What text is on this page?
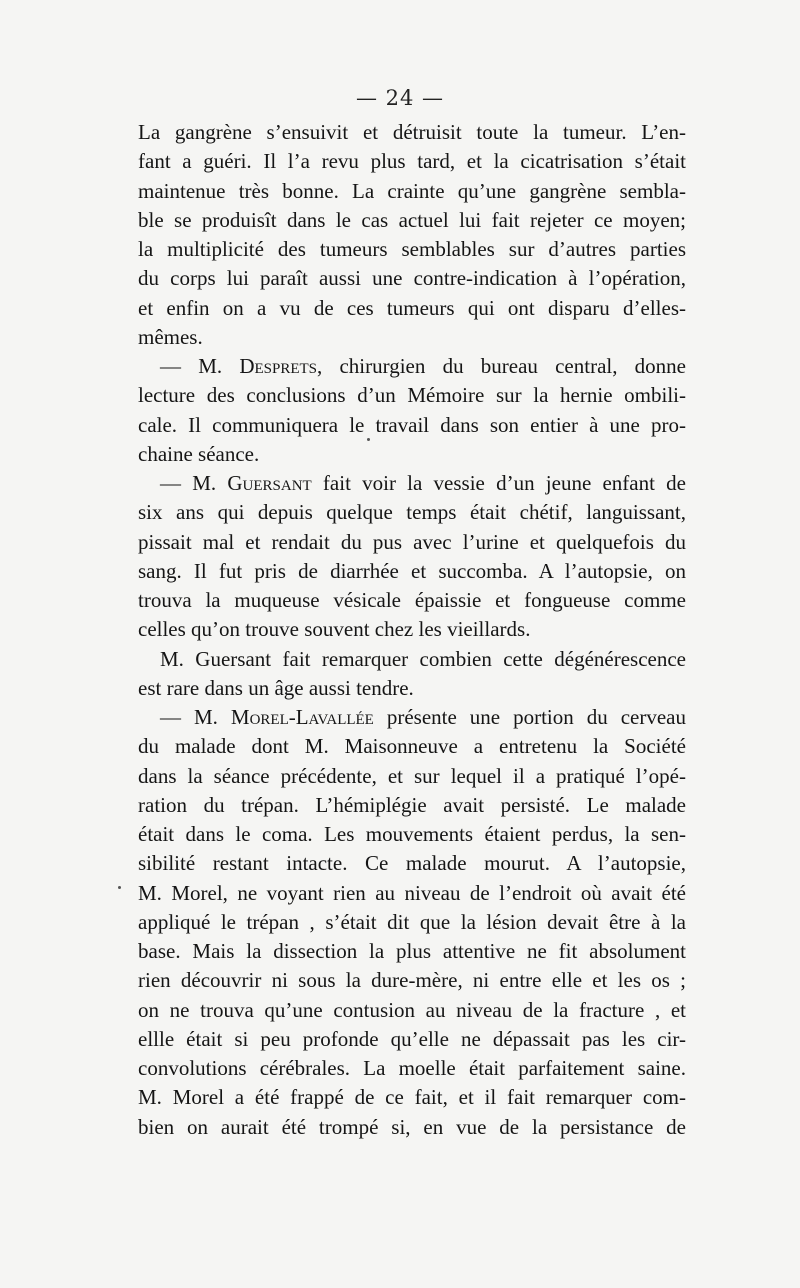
— 24 —
La gangrène s’ensuivit et détruisit toute la tumeur. L’en-
fant a guéri. Il l’a revu plus tard, et la cicatrisation s’était
maintenue très bonne. La crainte qu’une gangrène sembla-
ble se produisît dans le cas actuel lui fait rejeter ce moyen;
la multiplicité des tumeurs semblables sur d’autres parties
du corps lui paraît aussi une contre-indication à l’opération,
et enfin on a vu de ces tumeurs qui ont disparu d’elles-
mêmes.
— M. Desprets, chirurgien du bureau central, donne
lecture des conclusions d’un Mémoire sur la hernie ombili-
cale. Il communiquera le travail dans son entier à une pro-
chaine séance.
— M. Guersant fait voir la vessie d’un jeune enfant de
six ans qui depuis quelque temps était chétif, languissant,
pissait mal et rendait du pus avec l’urine et quelquefois du
sang. Il fut pris de diarrhée et succomba. A l’autopsie, on
trouva la muqueuse vésicale épaissie et fongueuse comme
celles qu’on trouve souvent chez les vieillards.
M. Guersant fait remarquer combien cette dégénérescence
est rare dans un âge aussi tendre.
— M. Morel-Lavallée présente une portion du cerveau
du malade dont M. Maisonneuve a entretenu la Société
dans la séance précédente, et sur lequel il a pratiqué l’opé-
ration du trépan. L’hémiplégie avait persisté. Le malade
était dans le coma. Les mouvements étaient perdus, la sen-
sibilité restant intacte. Ce malade mourut. A l’autopsie,
M. Morel, ne voyant rien au niveau de l’endroit où avait été
appliqué le trépan , s’était dit que la lésion devait être à la
base. Mais la dissection la plus attentive ne fit absolument
rien découvrir ni sous la dure-mère, ni entre elle et les os ;
on ne trouva qu’une contusion au niveau de la fracture , et
ellle était si peu profonde qu’elle ne dépassait pas les cir-
convolutions cérébrales. La moelle était parfaitement saine.
M. Morel a été frappé de ce fait, et il fait remarquer com-
bien on aurait été trompé si, en vue de la persistance de
